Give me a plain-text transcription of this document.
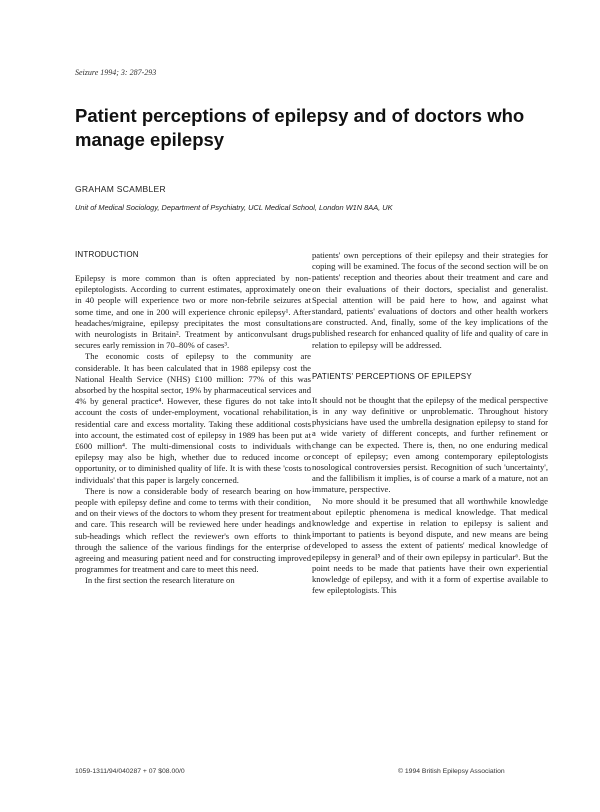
Seizure 1994; 3: 287-293
Patient perceptions of epilepsy and of doctors who manage epilepsy
GRAHAM SCAMBLER
Unit of Medical Sociology, Department of Psychiatry, UCL Medical School, London W1N 8AA, UK
INTRODUCTION

Epilepsy is more common than is often appreciated by non-epileptologists. According to current estimates, approximately one in 40 people will experience two or more non-febrile seizures at some time, and one in 200 will experience chronic epilepsy¹. After headaches/migraine, epilepsy precipitates the most consultations with neurologists in Britain². Treatment by anticonvulsant drugs secures early remission in 70–80% of cases³.

The economic costs of epilepsy to the community are considerable. It has been calculated that in 1988 epilepsy cost the National Health Service (NHS) £100 million: 77% of this was absorbed by the hospital sector, 19% by pharmaceutical services and 4% by general practice⁴. However, these figures do not take into account the costs of under-employment, vocational rehabilitation, residential care and excess mortality. Taking these additional costs into account, the estimated cost of epilepsy in 1989 has been put at £600 million⁴. The multi-dimensional costs to individuals with epilepsy may also be high, whether due to reduced income or opportunity, or to diminished quality of life. It is with these 'costs to individuals' that this paper is largely concerned.

There is now a considerable body of research bearing on how people with epilepsy define and come to terms with their condition, and on their views of the doctors to whom they present for treatment and care. This research will be reviewed here under headings and sub-headings which reflect the reviewer's own efforts to think through the salience of the various findings for the enterprise of agreeing and measuring patient need and for constructing improved programmes for treatment and care to meet this need.

In the first section the research literature on

patients' own perceptions of their epilepsy and their strategies for coping will be examined. The focus of the second section will be on patients' reception and theories about their treatment and care and on their evaluations of their doctors, specialist and generalist. Special attention will be paid here to how, and against what standard, patients' evaluations of doctors and other health workers are constructed. And, finally, some of the key implications of the published research for enhanced quality of life and quality of care in relation to epilepsy will be addressed.

PATIENTS' PERCEPTIONS OF EPILEPSY

It should not be thought that the epilepsy of the medical perspective is in any way definitive or unproblematic. Throughout history physicians have used the umbrella designation epilepsy to stand for a wide variety of different concepts, and further refinement or change can be expected. There is, then, no one enduring medical concept of epilepsy; even among contemporary epileptologists nosological controversies persist. Recognition of such 'uncertainty', and the fallibilism it implies, is of course a mark of a mature, not an immature, perspective.

No more should it be presumed that all worthwhile knowledge about epileptic phenomena is medical knowledge. That medical knowledge and expertise in relation to epilepsy is salient and important to patients is beyond dispute, and new means are being developed to assess the extent of patients' medical knowledge of epilepsy in general⁵ and of their own epilepsy in particular⁶. But the point needs to be made that patients have their own experiential knowledge of epilepsy, and with it a form of expertise available to few epileptologists. This

1059-1311/94/040287 + 07 $08.00/0	© 1994 British Epilepsy Association
